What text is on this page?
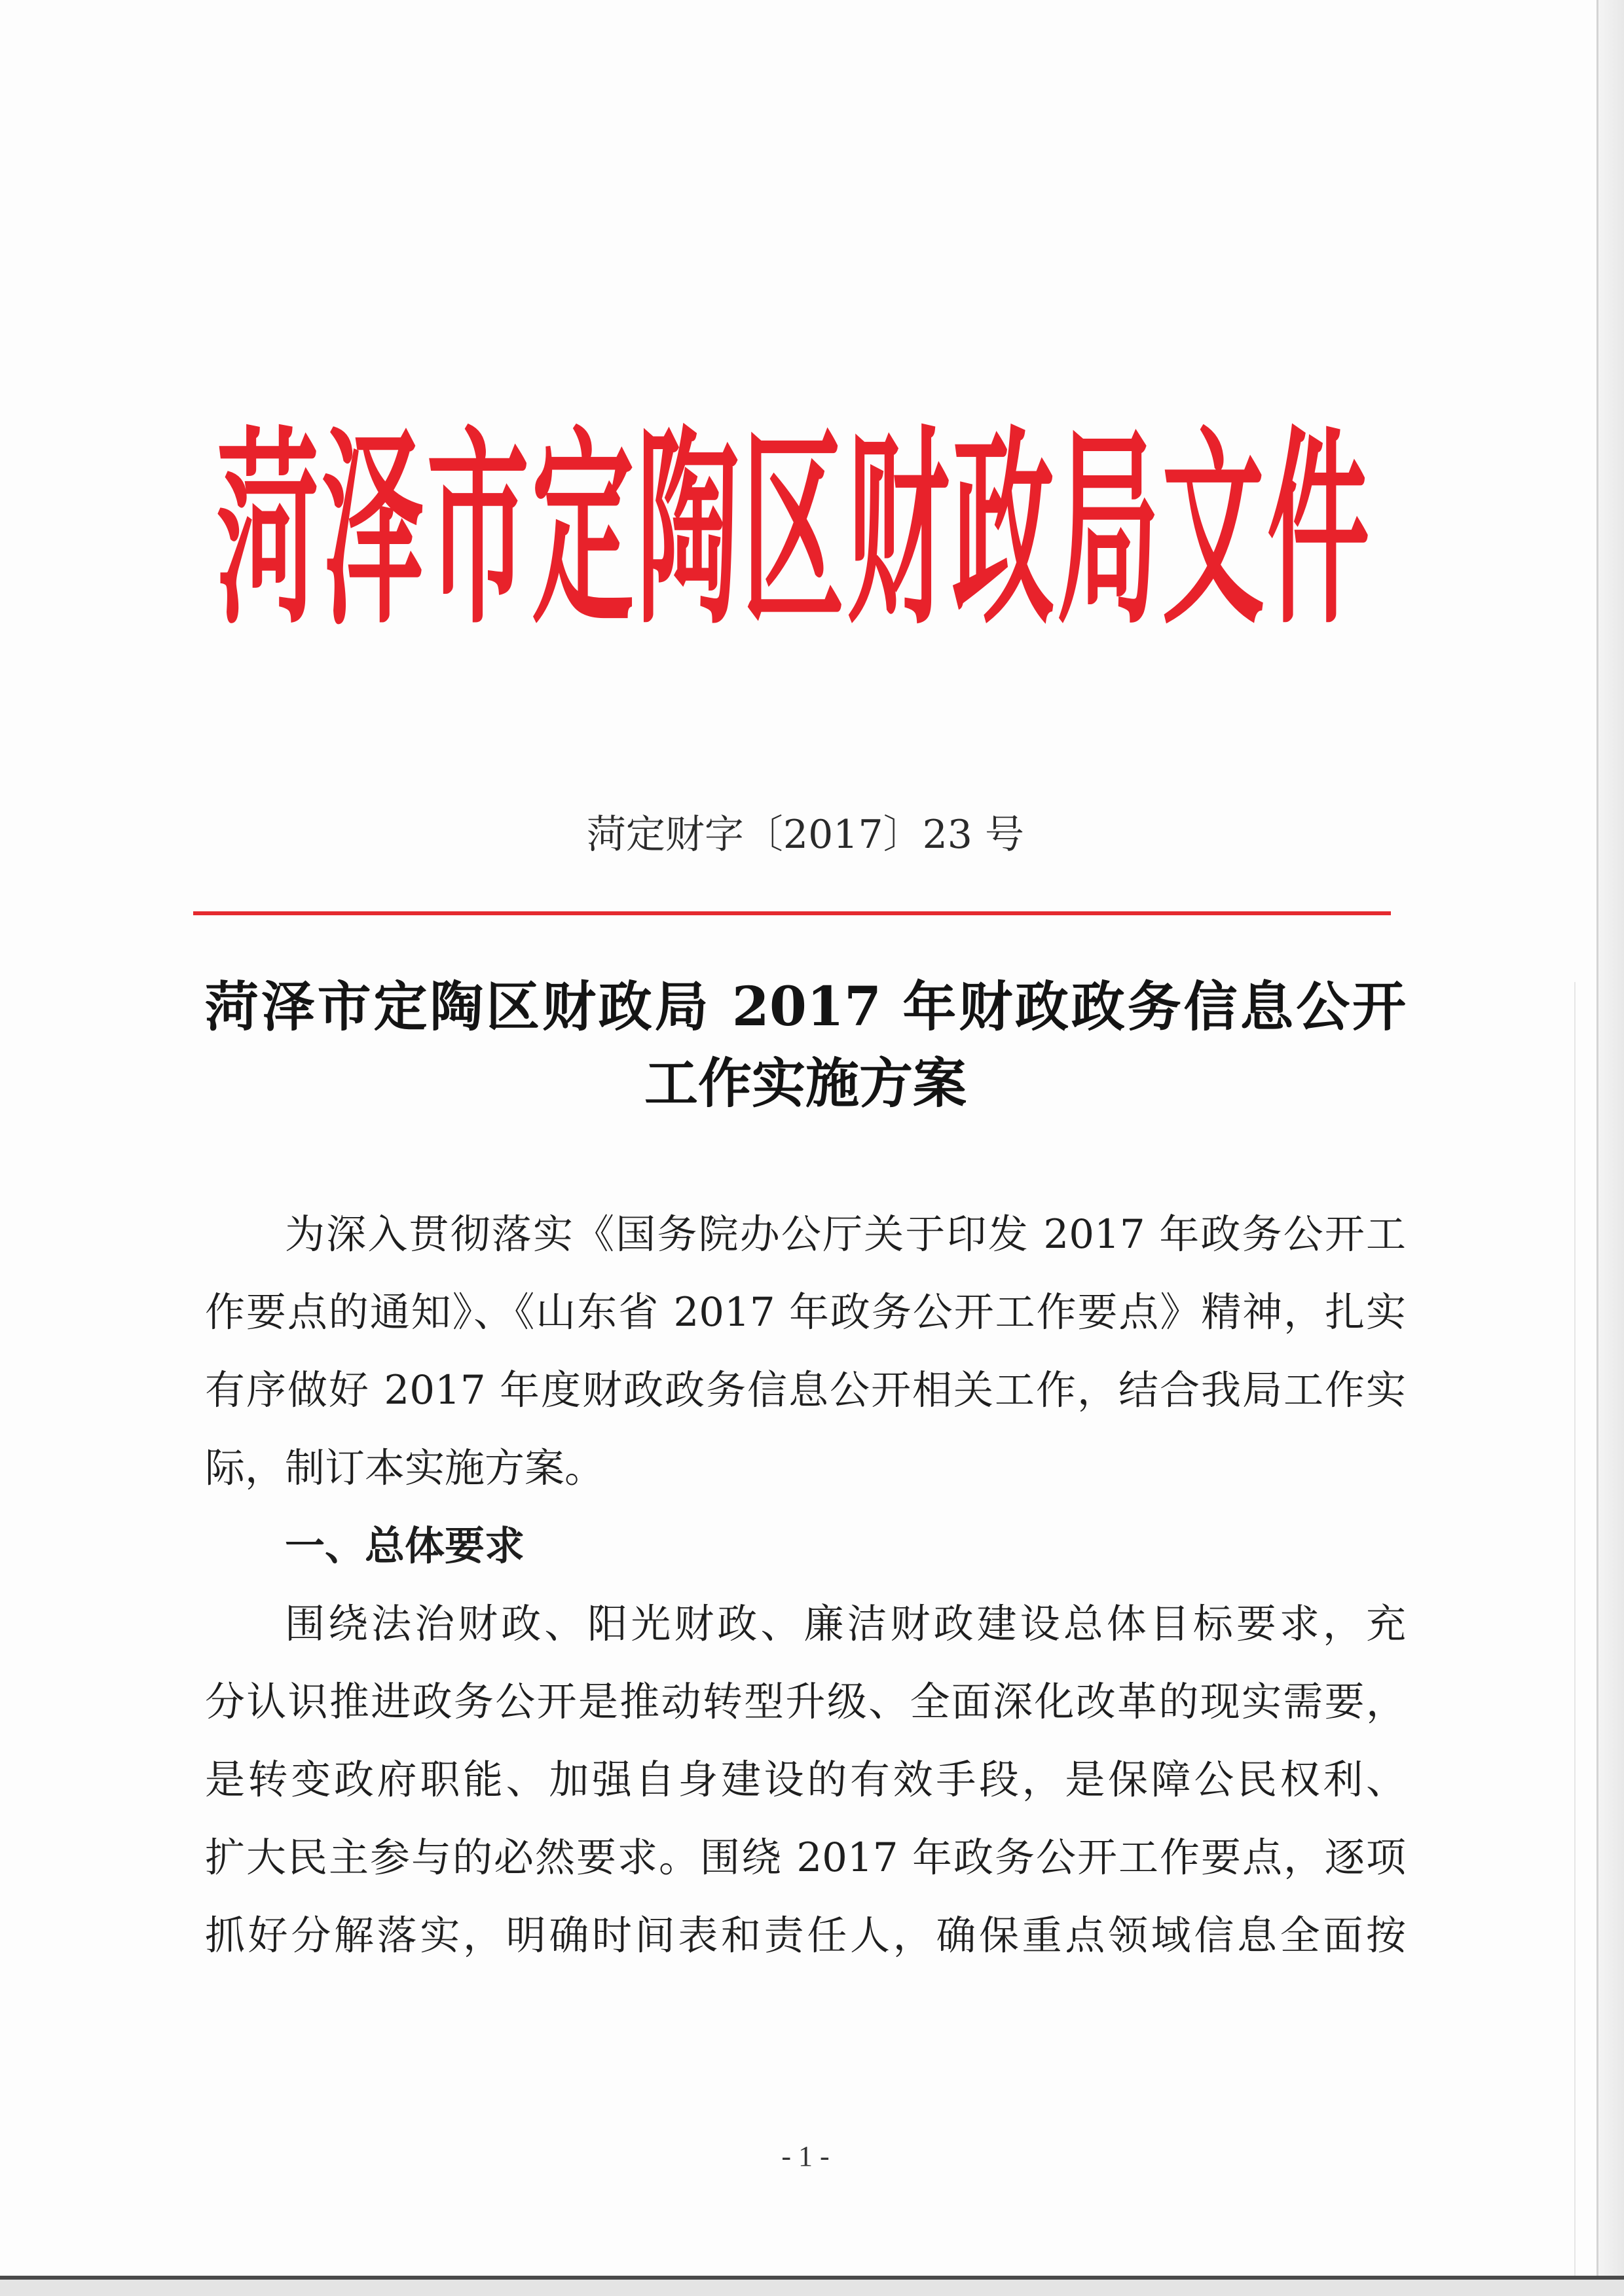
菏泽市定陶区财政局文件
菏定财字〔2017〕23 号
菏泽市定陶区财政局 2017 年财政政务信息公开
工作实施方案
为深入贯彻落实《国务院办公厅关于印发 2017 年政务公开工
作要点的通知》、《山东省 2017 年政务公开工作要点》精神，扎实
有序做好 2017 年度财政政务信息公开相关工作，结合我局工作实
际，制订本实施方案。
一、总体要求
围绕法治财政、阳光财政、廉洁财政建设总体目标要求，充
分认识推进政务公开是推动转型升级、全面深化改革的现实需要，
是转变政府职能、加强自身建设的有效手段，是保障公民权利、
扩大民主参与的必然要求。围绕 2017 年政务公开工作要点，逐项
抓好分解落实，明确时间表和责任人，确保重点领域信息全面按
- 1 -
